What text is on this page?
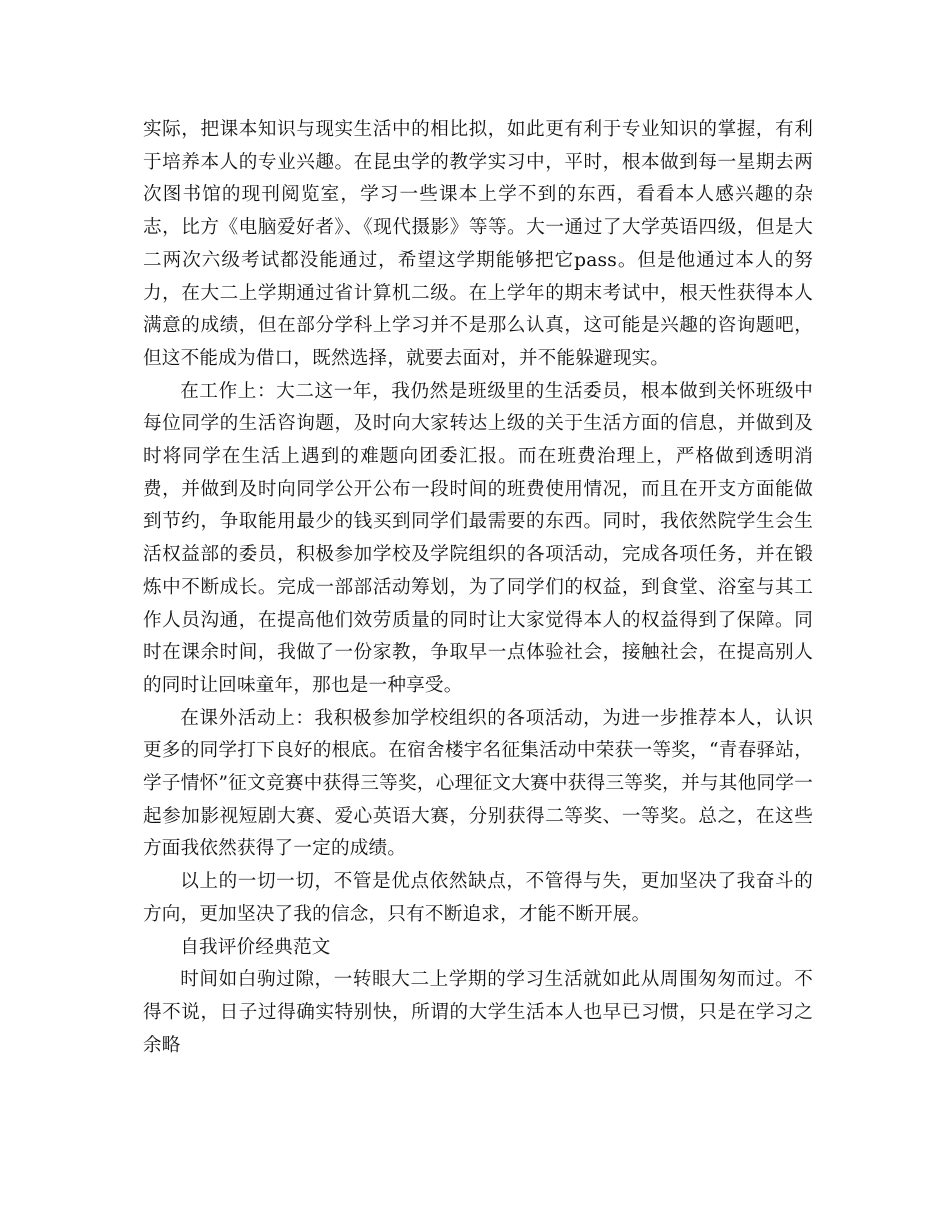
实际，把课本知识与现实生活中的相比拟，如此更有利于专业知识的掌握，有利于培养本人的专业兴趣。在昆虫学的教学实习中，平时，根本做到每一星期去两次图书馆的现刊阅览室，学习一些课本上学不到的东西，看看本人感兴趣的杂志，比方《电脑爱好者》、《现代摄影》等等。大一通过了大学英语四级，但是大二两次六级考试都没能通过，希望这学期能够把它pass。但是他通过本人的努力，在大二上学期通过省计算机二级。在上学年的期末考试中，根天性获得本人满意的成绩，但在部分学科上学习并不是那么认真，这可能是兴趣的咨询题吧，但这不能成为借口，既然选择，就要去面对，并不能躲避现实。

在工作上：大二这一年，我仍然是班级里的生活委员，根本做到关怀班级中每位同学的生活咨询题，及时向大家转达上级的关于生活方面的信息，并做到及时将同学在生活上遇到的难题向团委汇报。而在班费治理上，严格做到透明消费，并做到及时向同学公开公布一段时间的班费使用情况，而且在开支方面能做到节约，争取能用最少的钱买到同学们最需要的东西。同时，我依然院学生会生活权益部的委员，积极参加学校及学院组织的各项活动，完成各项任务，并在锻炼中不断成长。完成一部部活动筹划，为了同学们的权益，到食堂、浴室与其工作人员沟通，在提高他们效劳质量的同时让大家觉得本人的权益得到了保障。同时在课余时间，我做了一份家教，争取早一点体验社会，接触社会，在提高别人的同时让回味童年，那也是一种享受。

在课外活动上：我积极参加学校组织的各项活动，为进一步推荐本人，认识更多的同学打下良好的根底。在宿舍楼宇名征集活动中荣获一等奖，“青春驿站，学子情怀”征文竞赛中获得三等奖，心理征文大赛中获得三等奖，并与其他同学一起参加影视短剧大赛、爱心英语大赛，分别获得二等奖、一等奖。总之，在这些方面我依然获得了一定的成绩。

以上的一切一切，不管是优点依然缺点，不管得与失，更加坚决了我奋斗的方向，更加坚决了我的信念，只有不断追求，才能不断开展。

自我评价经典范文

时间如白驹过隙，一转眼大二上学期的学习生活就如此从周围匆匆而过。不得不说，日子过得确实特别快，所谓的大学生活本人也早已习惯，只是在学习之余略
